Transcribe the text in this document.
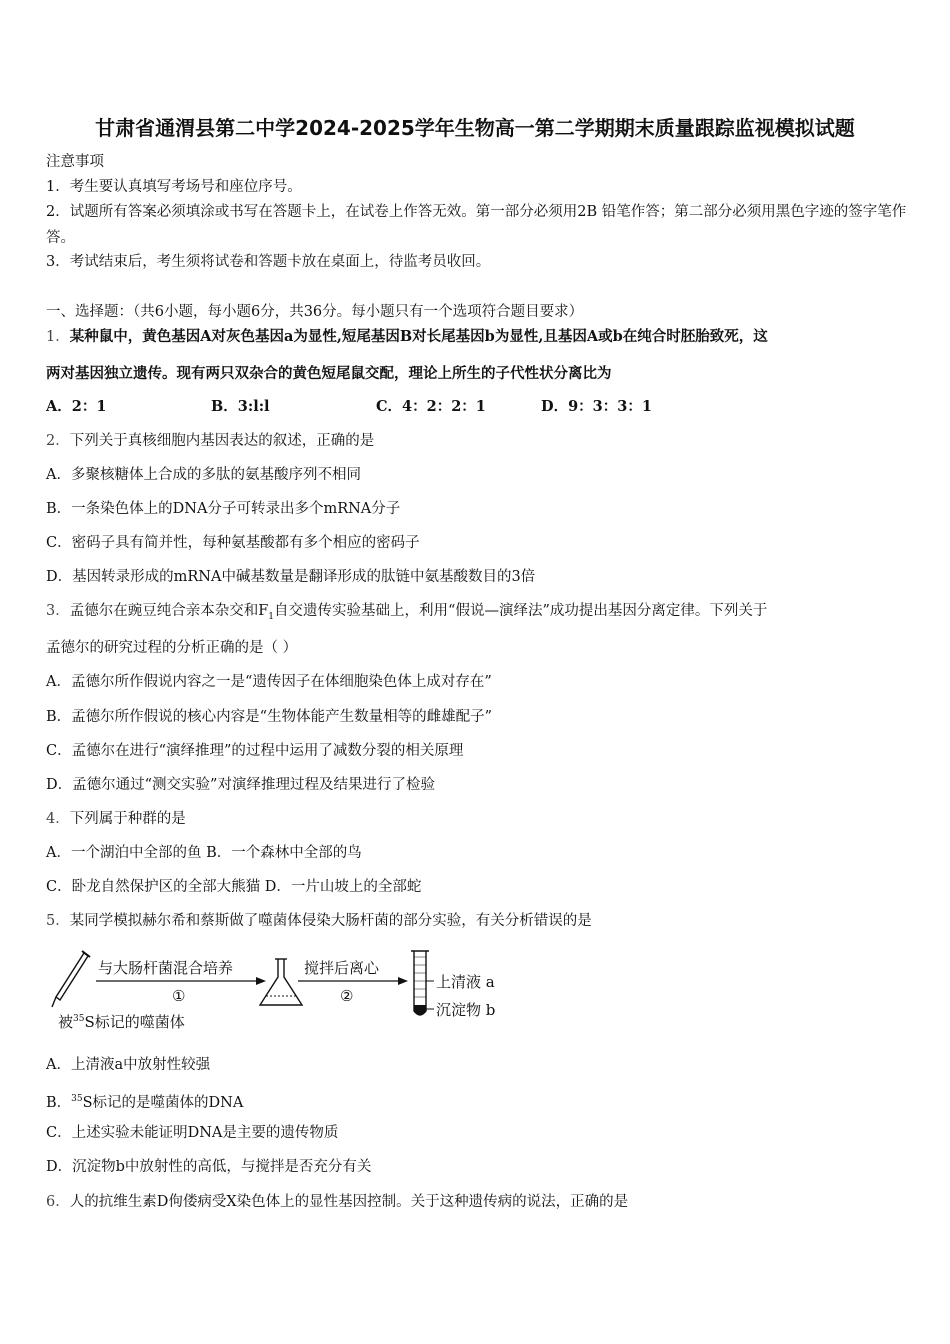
甘肃省通渭县第二中学2024-2025学年生物高一第二学期期末质量跟踪监视模拟试题
注意事项
1．考生要认真填写考场号和座位序号。
2．试题所有答案必须填涂或书写在答题卡上，在试卷上作答无效。第一部分必须用2B 铅笔作答；第二部分必须用黑色字迹的签字笔作答。
3．考试结束后，考生须将试卷和答题卡放在桌面上，待监考员收回。
一、选择题：（共6小题，每小题6分，共36分。每小题只有一个选项符合题目要求）
1．某种鼠中，黄色基因A对灰色基因a为显性,短尾基因B对长尾基因b为显性,且基因A或b在纯合时胚胎致死，这
两对基因独立遗传。现有两只双杂合的黄色短尾鼠交配，理论上所生的子代性状分离比为
A．2：1	B．3:l:l	C．4：2：2：1	D．9：3：3：1
2．下列关于真核细胞内基因表达的叙述，正确的是
A．多聚核糖体上合成的多肽的氨基酸序列不相同
B．一条染色体上的DNA分子可转录出多个mRNA分子
C．密码子具有简并性，每种氨基酸都有多个相应的密码子
D．基因转录形成的mRNA中碱基数量是翻译形成的肽链中氨基酸数目的3倍
3．孟德尔在豌豆纯合亲本杂交和$F_1$自交遗传实验基础上，利用“假说—演绎法”成功提出基因分离定律。下列关于
孟德尔的研究过程的分析正确的是（ ）
A．孟德尔所作假说内容之一是“遗传因子在体细胞染色体上成对存在”
B．孟德尔所作假说的核心内容是“生物体能产生数量相等的雌雄配子”
C．孟德尔在进行“演绎推理”的过程中运用了减数分裂的相关原理
D．孟德尔通过“测交实验”对演绎推理过程及结果进行了检验
4．下列属于种群的是
A．一个湖泊中全部的鱼 B．一个森林中全部的鸟
C．卧龙自然保护区的全部大熊猫 D．一片山坡上的全部蛇
5．某同学模拟赫尔希和蔡斯做了噬菌体侵染大肠杆菌的部分实验，有关分析错误的是
与大肠杆菌混合培养
①
搅拌后离心
②
上清液 a
沉淀物 b
被$^{35}$S标记的噬菌体
A．上清液a中放射性较强
B．$^{35}$S标记的是噬菌体的DNA
C．上述实验未能证明DNA是主要的遗传物质
D．沉淀物b中放射性的高低，与搅拌是否充分有关
6．人的抗维生素D佝偻病受X染色体上的显性基因控制。关于这种遗传病的说法，正确的是
